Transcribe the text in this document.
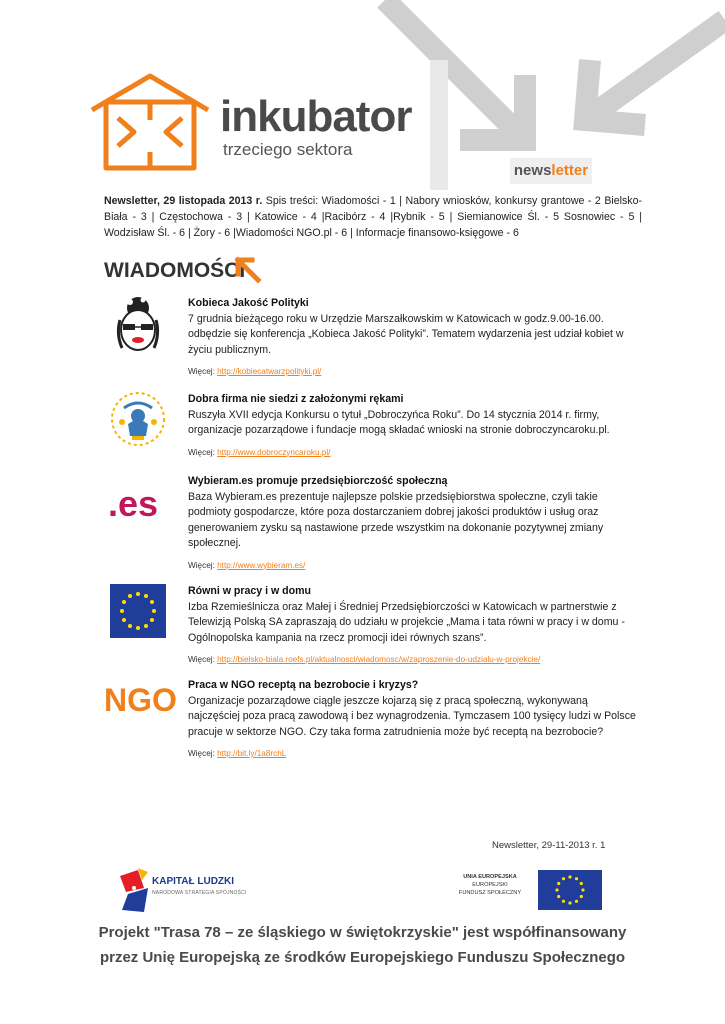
inkubator
trzeciego sektora
newsletter
Newsletter, 29 listopada 2013 r. Spis treści: Wiadomości - 1 | Nabory wniosków, konkursy grantowe - 2 Bielsko-Biała - 3 | Częstochowa - 3 | Katowice - 4 |Racibórz - 4 |Rybnik - 5 | Siemianowice Śl. - 5 Sosnowiec - 5 | Wodzisław Śl. - 6 | Żory - 6 |Wiadomości NGO.pl - 6 | Informacje finansowo-księgowe - 6
WIADOMOŚCI
Kobieca Jakość Polityki
7 grudnia bieżącego roku w Urzędzie Marszałkowskim w Katowicach w godz.9.00-16.00. odbędzie się konferencja „Kobieca Jakość Polityki”. Tematem wydarzenia jest udział kobiet w życiu publicznym.
Więcej: http://kobiecatwarzpolityki.pl/
Dobra firma nie siedzi z założonymi rękami
Ruszyła XVII edycja Konkursu o tytuł „Dobroczyńca Roku”. Do 14 stycznia 2014 r. firmy, organizacje pozarządowe i fundacje mogą składać wnioski na stronie dobroczyncaroku.pl.
Więcej: http://www.dobroczyncaroku.pl/
.es
Wybieram.es promuje przedsiębiorczość społeczną
Baza Wybieram.es prezentuje najlepsze polskie przedsiębiorstwa społeczne, czyli takie podmioty gospodarcze, które poza dostarczaniem dobrej jakości produktów i usług oraz generowaniem zysku są nastawione przede wszystkim na dokonanie pozytywnej zmiany społecznej.
Więcej: http://www.wybieram.es/
Równi w pracy i w domu
Izba Rzemieślnicza oraz Małej i Średniej Przedsiębiorczości w Katowicach w partnerstwie z Telewizją Polską SA zapraszają do udziału w projekcie „Mama i tata równi w pracy i w domu - Ogólnopolska kampania na rzecz promocji idei równych szans”.
Więcej: http://bielsko-biala.roefs.pl/aktualnosci/wiadomosc/w/zaproszenie-do-udzialu-w-projekcie/
NGO Praca w NGO receptą na bezrobocie i kryzys?
Organizacje pozarządowe ciągle jeszcze kojarzą się z pracą społeczną, wykonywaną najczęściej poza pracą zawodową i bez wynagrodzenia. Tymczasem 100 tysięcy ludzi w Polsce pracuje w sektorze NGO. Czy taka forma zatrudnienia może być receptą na bezrobocie?
Więcej: http://bit.ly/1a8rchL
Newsletter, 29-11-2013 r. 1
KAPITAŁ LUDZKI
NARODOWA STRATEGIA SPÓJNOŚCI
UNIA EUROPEJSKA
EUROPEJSKI
FUNDUSZ SPOŁECZNY
Projekt "Trasa 78 – ze śląskiego w świętokrzyskie" jest współfinansowany
przez Unię Europejską ze środków Europejskiego Funduszu Społecznego
